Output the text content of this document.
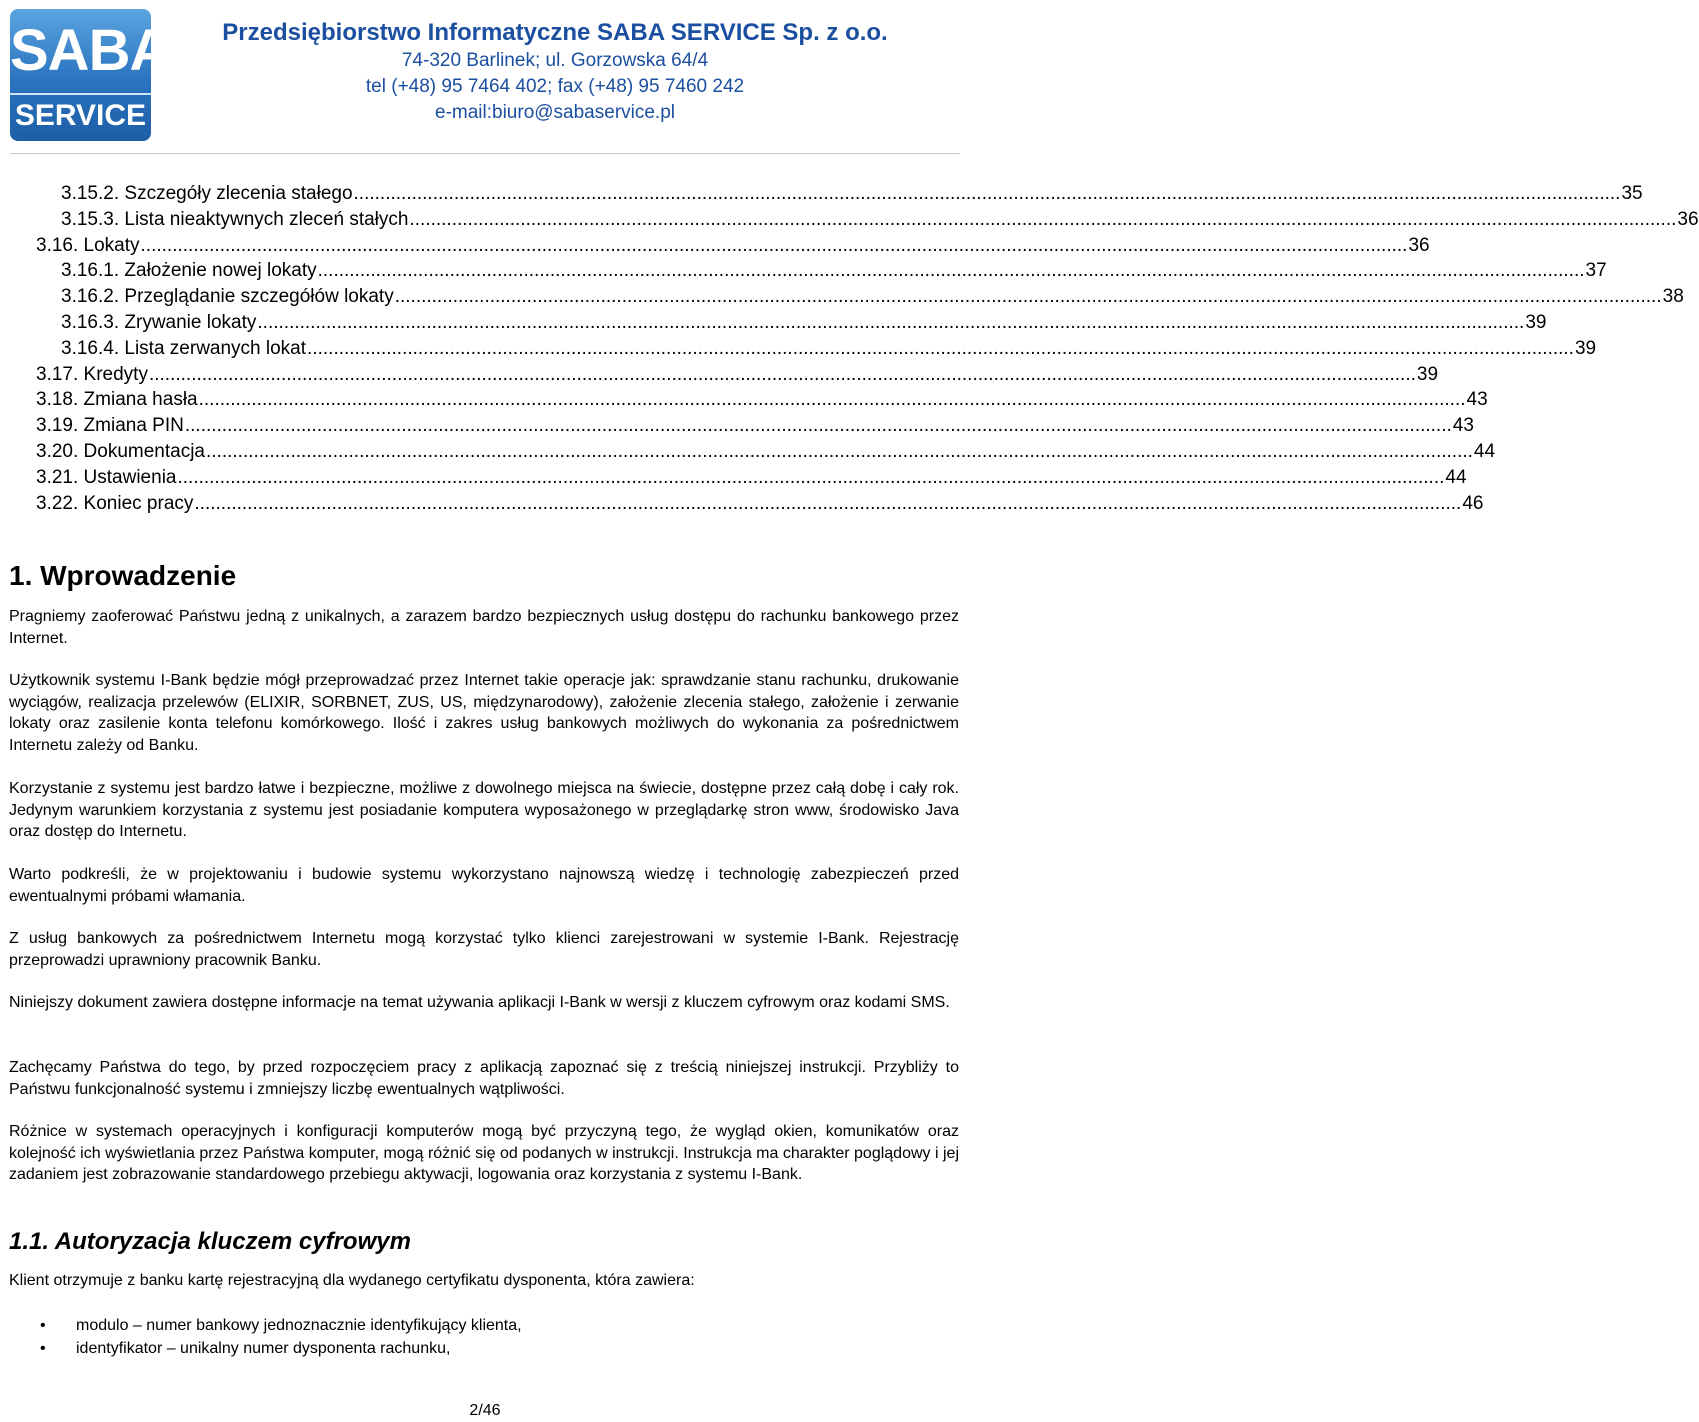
SABA
SERVICE
Przedsiębiorstwo Informatyczne SABA SERVICE Sp. z o.o.
74-320 Barlinek; ul. Gorzowska 64/4
tel (+48) 95 7464 402; fax (+48) 95 7460 242
e-mail:biuro@sabaservice.pl
3.15.2.
Szczegóły zlecenia stałego ................................................................................................................................................................................................................................................ 35
3.15.3.
Lista nieaktywnych zleceń stałych ................................................................................................................................................................................................................................................ 36
3.16.
Lokaty ................................................................................................................................................................................................................................................ 36
3.16.1.
Założenie nowej lokaty ................................................................................................................................................................................................................................................ 37
3.16.2.
Przeglądanie szczegółów lokaty ................................................................................................................................................................................................................................................ 38
3.16.3.
Zrywanie lokaty ................................................................................................................................................................................................................................................ 39
3.16.4.
Lista zerwanych lokat ................................................................................................................................................................................................................................................ 39
3.17.
Kredyty ................................................................................................................................................................................................................................................ 39
3.18.
Zmiana hasła ................................................................................................................................................................................................................................................ 43
3.19.
Zmiana PIN ................................................................................................................................................................................................................................................ 43
3.20.
Dokumentacja ................................................................................................................................................................................................................................................ 44
3.21.
Ustawienia ................................................................................................................................................................................................................................................ 44
3.22.
Koniec pracy ................................................................................................................................................................................................................................................ 46
1. Wprowadzenie

Pragniemy zaoferować Państwu jedną z unikalnych, a zarazem bardzo bezpiecznych usług dostępu do rachunku bankowego przez Internet.

Użytkownik systemu I-Bank będzie mógł przeprowadzać przez Internet takie operacje jak: sprawdzanie stanu rachunku, drukowanie wyciągów, realizacja przelewów (ELIXIR, SORBNET, ZUS, US, międzynarodowy), założenie zlecenia stałego, założenie i zerwanie lokaty oraz zasilenie konta telefonu komórkowego. Ilość i zakres usług bankowych możliwych do wykonania za pośrednictwem Internetu zależy od Banku.

Korzystanie z systemu jest bardzo łatwe i bezpieczne, możliwe z dowolnego miejsca na świecie, dostępne przez całą dobę i cały rok. Jedynym warunkiem korzystania z systemu jest posiadanie komputera wyposażonego w przeglądarkę stron www, środowisko Java oraz dostęp do Internetu.

Warto podkreśli, że w projektowaniu i budowie systemu wykorzystano najnowszą wiedzę i technologię zabezpieczeń przed ewentualnymi próbami włamania.

Z usług bankowych za pośrednictwem Internetu mogą korzystać tylko klienci zarejestrowani w systemie I-Bank. Rejestrację przeprowadzi uprawniony pracownik Banku.

Niniejszy dokument zawiera dostępne informacje na temat używania aplikacji I-Bank w wersji z kluczem cyfrowym oraz kodami SMS.

Zachęcamy Państwa do tego, by przed rozpoczęciem pracy z aplikacją zapoznać się z treścią niniejszej instrukcji. Przybliży to Państwu funkcjonalność systemu i zmniejszy liczbę ewentualnych wątpliwości.

Różnice w systemach operacyjnych i konfiguracji komputerów mogą być przyczyną tego, że wygląd okien, komunikatów oraz kolejność ich wyświetlania przez Państwa komputer, mogą różnić się od podanych w instrukcji. Instrukcja ma charakter poglądowy i jej zadaniem jest zobrazowanie standardowego przebiegu aktywacji, logowania oraz korzystania z systemu I-Bank.

1.1. Autoryzacja kluczem cyfrowym

Klient otrzymuje z banku kartę rejestracyjną dla wydanego certyfikatu dysponenta, która zawiera:

• modulo – numer bankowy jednoznacznie identyfikujący klienta,
• identyfikator – unikalny numer dysponenta rachunku,
2/46
